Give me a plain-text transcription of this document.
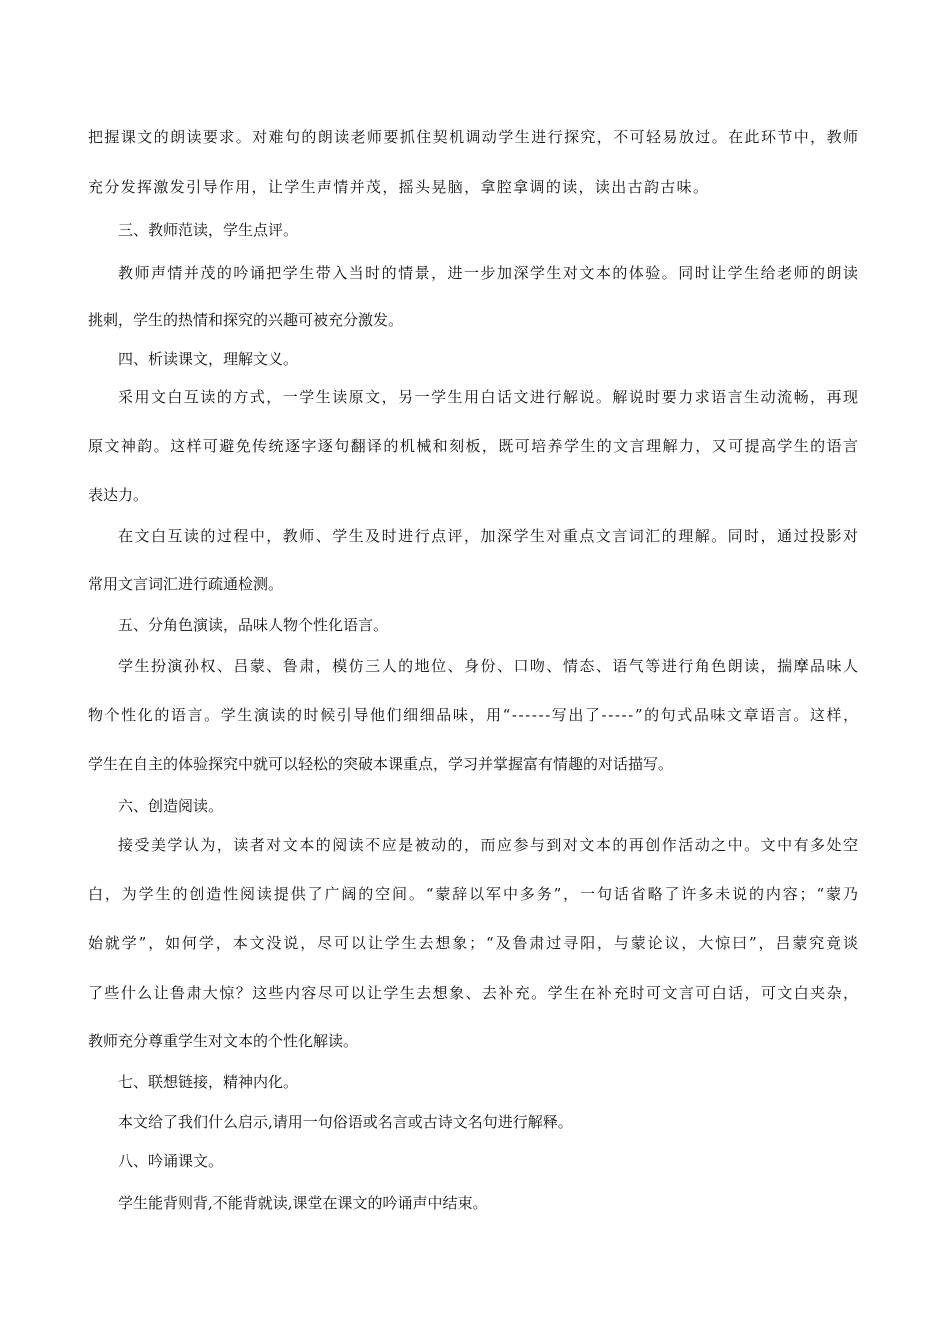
把握课文的朗读要求。对难句的朗读老师要抓住契机调动学生进行探究，不可轻易放过。在此环节中，教师
充分发挥激发引导作用，让学生声情并茂，摇头晃脑，拿腔拿调的读，读出古韵古味。
三、教师范读，学生点评。
教师声情并茂的吟诵把学生带入当时的情景，进一步加深学生对文本的体验。同时让学生给老师的朗读
挑刺，学生的热情和探究的兴趣可被充分激发。
四、析读课文，理解文义。
采用文白互读的方式，一学生读原文，另一学生用白话文进行解说。解说时要力求语言生动流畅，再现
原文神韵。这样可避免传统逐字逐句翻译的机械和刻板，既可培养学生的文言理解力，又可提高学生的语言
表达力。
在文白互读的过程中，教师、学生及时进行点评，加深学生对重点文言词汇的理解。同时，通过投影对
常用文言词汇进行疏通检测。
五、分角色演读，品味人物个性化语言。
学生扮演孙权、吕蒙、鲁肃，模仿三人的地位、身份、口吻、情态、语气等进行角色朗读，揣摩品味人
物个性化的语言。学生演读的时候引导他们细细品味，用“------写出了-----”的句式品味文章语言。这样，
学生在自主的体验探究中就可以轻松的突破本课重点，学习并掌握富有情趣的对话描写。
六、创造阅读。
接受美学认为，读者对文本的阅读不应是被动的，而应参与到对文本的再创作活动之中。文中有多处空
白，为学生的创造性阅读提供了广阔的空间。“蒙辞以军中多务”，一句话省略了许多未说的内容；“蒙乃
始就学”，如何学，本文没说，尽可以让学生去想象；“及鲁肃过寻阳，与蒙论议，大惊曰”，吕蒙究竟谈
了些什么让鲁肃大惊？这些内容尽可以让学生去想象、去补充。学生在补充时可文言可白话，可文白夹杂，
教师充分尊重学生对文本的个性化解读。
七、联想链接，精神内化。
本文给了我们什么启示,请用一句俗语或名言或古诗文名句进行解释。
八、吟诵课文。
学生能背则背,不能背就读,课堂在课文的吟诵声中结束。
